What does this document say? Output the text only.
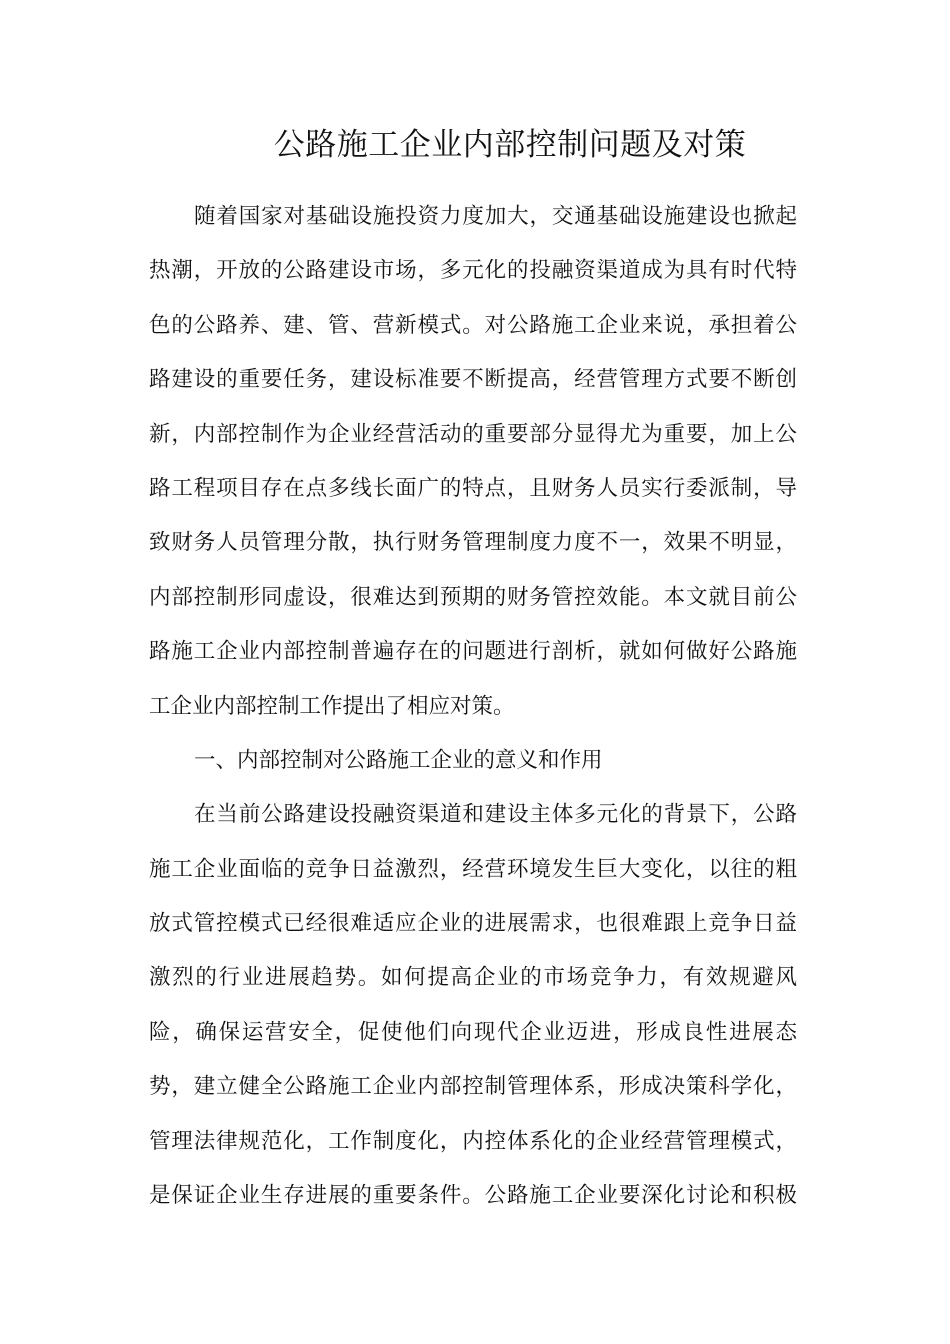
公路施工企业内部控制问题及对策
随着国家对基础设施投资力度加大，交通基础设施建设也掀起
热潮，开放的公路建设市场，多元化的投融资渠道成为具有时代特
色的公路养、建、管、营新模式。对公路施工企业来说，承担着公
路建设的重要任务，建设标准要不断提高，经营管理方式要不断创
新，内部控制作为企业经营活动的重要部分显得尤为重要，加上公
路工程项目存在点多线长面广的特点，且财务人员实行委派制，导
致财务人员管理分散，执行财务管理制度力度不一，效果不明显，
内部控制形同虚设，很难达到预期的财务管控效能。本文就目前公
路施工企业内部控制普遍存在的问题进行剖析，就如何做好公路施
工企业内部控制工作提出了相应对策。
一、内部控制对公路施工企业的意义和作用
在当前公路建设投融资渠道和建设主体多元化的背景下，公路
施工企业面临的竞争日益激烈，经营环境发生巨大变化，以往的粗
放式管控模式已经很难适应企业的进展需求，也很难跟上竞争日益
激烈的行业进展趋势。如何提高企业的市场竞争力，有效规避风
险，确保运营安全，促使他们向现代企业迈进，形成良性进展态
势，建立健全公路施工企业内部控制管理体系，形成决策科学化，
管理法律规范化，工作制度化，内控体系化的企业经营管理模式，
是保证企业生存进展的重要条件。公路施工企业要深化讨论和积极
